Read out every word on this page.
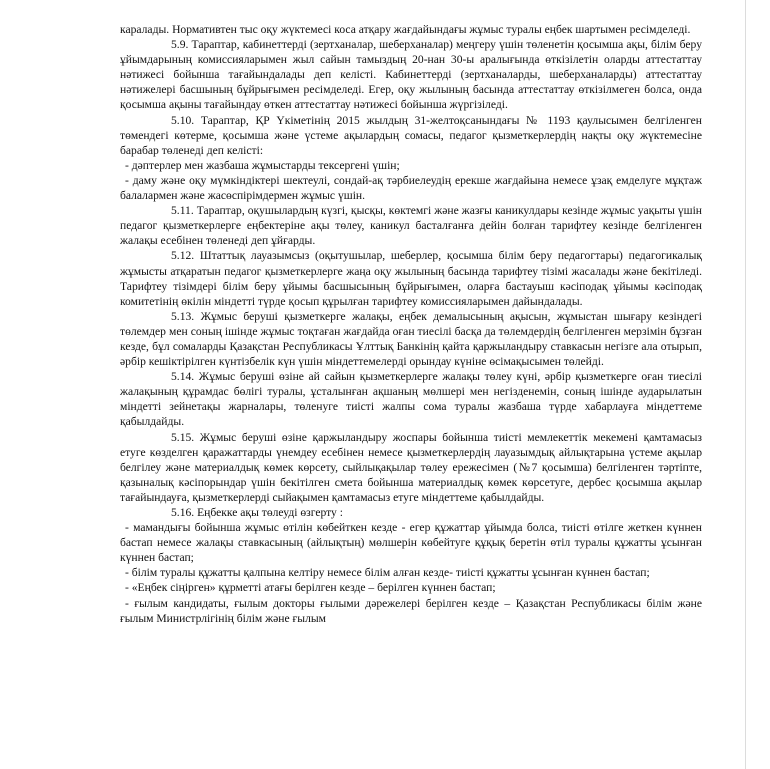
каралады. Нормативтен тыс оқу жүктемесі коса атқару жағдайындағы жұмыс туралы еңбек шартымен ресімделеді.

5.9. Тараптар, кабинеттерді (зертханалар, шеберханалар) меңгеру үшін төленетін қосымша ақы, білім беру ұйымдарының комиссияларымен жыл сайын тамыздың 20-нан 30-ы аралығында өткізілетін оларды аттестаттау нәтижесі бойынша тағайындалады деп келісті. Кабинеттерді (зертханаларды, шеберханаларды) аттестаттау нәтижелері басшының бұйрығымен ресімделеді. Егер, оқу жылының басында аттестаттау өткізілмеген болса, онда қосымша ақыны тағайындау өткен аттестаттау нәтижесі бойынша жүргізіледі.

5.10. Тараптар, ҚР Үкіметінің 2015 жылдың 31-желтоқсанындағы № 1193 қаулысымен белгіленген төмендегі көтерме, қосымша және үстеме ақылардың сомасы, педагог қызметкерлердің нақты оқу жүктемесіне барабар төленеді деп келісті:

- дәптерлер мен жазбаша жұмыстарды тексергені үшін;

- даму және оқу мүмкіндіктері шектеулі, сондай-ақ тәрбиелеудің ерекше жағдайына немесе ұзақ емделуге мұқтаж балалармен және жасөспірімдермен жұмыс үшін.

5.11. Тараптар, оқушылардың күзгі, қысқы, көктемгі және жазғы каникулдары кезінде жұмыс уақыты үшін педагог қызметкерлерге еңбектеріне ақы төлеу, каникул басталғанға дейін болған тарифтеу кезінде белгіленген жалақы есебінен төленеді деп ұйғарды.

5.12. Штаттық лауазымсыз (оқытушылар, шеберлер, қосымша білім беру педагогтары) педагогикалық жұмысты атқаратын педагог қызметкерлерге жаңа оқу жылының басында тарифтеу тізімі жасалады және бекітіледі. Тарифтеу тізімдері білім беру ұйымы басшысының бұйрығымен, оларға бастауыш кәсіподақ ұйымы кәсіподақ комитетінің өкілін міндетті түрде қосып құрылған тарифтеу комиссияларымен дайындалады.

5.13. Жұмыс беруші қызметкерге жалақы, еңбек демалысының ақысын, жұмыстан шығару кезіндегі төлемдер мен соның ішінде жұмыс тоқтаған жағдайда оған тиесілі басқа да төлемдердің белгіленген мерзімін бұзған кезде, бұл сомаларды Қазақстан Республикасы Ұлттық Банкінің қайта қаржыландыру ставкасын негізге ала отырып, әрбір кешіктірілген күнтізбелік күн үшін міндеттемелерді орындау күніне өсімақысымен төлейді.

5.14. Жұмыс беруші өзіне ай сайын қызметкерлерге жалақы төлеу күні, әрбір қызметкерге оған тиесілі жалақының құрамдас бөлігі туралы, ұсталынған ақшаның мөлшері мен негізденемін, соның ішінде аударылатын міндетті зейнетақы жарналары, төленуге тиісті жалпы сома туралы жазбаша түрде хабарлауға міндеттеме қабылдайды.

5.15. Жұмыс беруші өзіне қаржыландыру жоспары бойынша тиісті мемлекеттік мекемені қамтамасыз етуге көзделген қаражаттарды үнемдеу есебінен немесе қызметкерлердің лауазымдық айлықтарына үстеме ақылар белгілеу және материалдық көмек көрсету, сыйлықақылар төлеу ережесімен (№7 қосымша) белгіленген тәртіпте, қазыналық кәсіпорындар үшін бекітілген смета бойынша материалдық көмек көрсетуге, дербес қосымша ақылар тағайындауға, қызметкерлерді сыйақымен қамтамасыз етуге міндеттеме қабылдайды.

5.16. Еңбекке ақы төлеудi өзгерту :

- мамандығы бойынша жұмыс өтілін көбейткен кезде - егер құжаттар ұйымда болса, тиісті өтілге жеткен күннен бастап немесе жалақы ставкасының (айлықтың) мөлшерін көбейтуге құқық беретін өтіл туралы құжатты ұсынған күннен бастап;

- білім туралы құжатты қалпына келтіру немесе білім алған кезде- тиісті құжатты ұсынған күннен бастап;

- «Еңбек сіңірген» құрметті атағы берілген кезде – берілген күннен бастап;

- ғылым кандидаты, ғылым докторы ғылыми дәрежелері берілген кезде – Қазақстан Республикасы білім және ғылым Министрлігінің білім және ғылым
